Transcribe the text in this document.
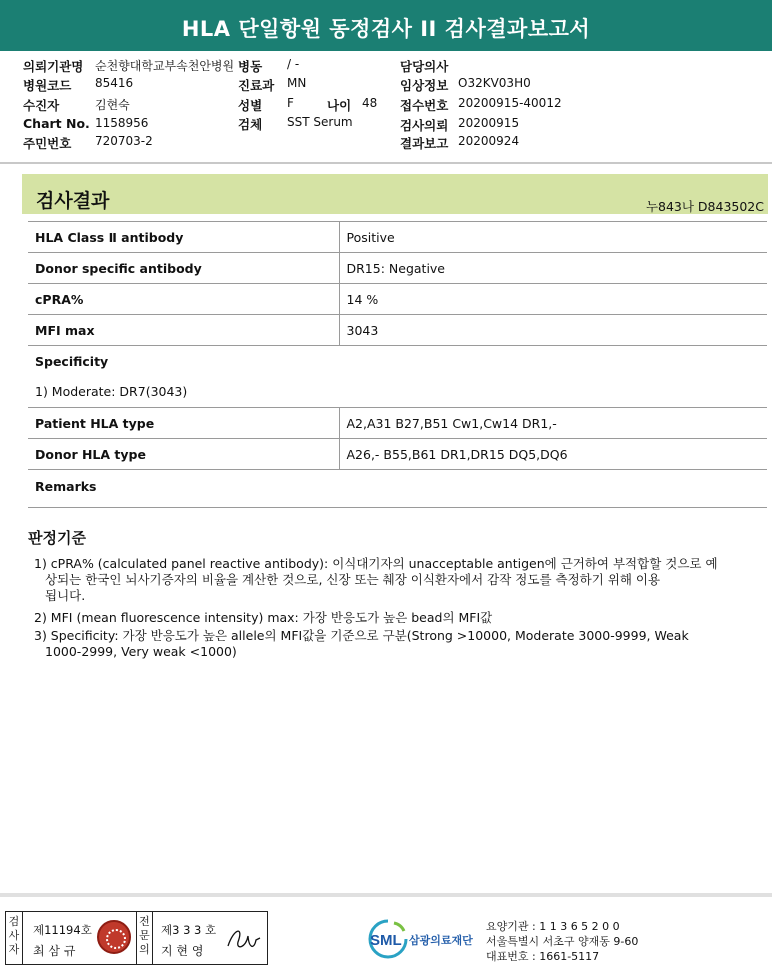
HLA 단일항원 동정검사 II 검사결과보고서
의뢰기관명 순천향대학교부속천안병원 병동 / -	담당의사
병원코드 85416	진료과 MN	임상정보 O32KV03H0
수진자	김현숙	성별 F	나이 48 접수번호 20200915-40012
Chart No. 1158956	검체 SST Serum	검사의뢰 20200915
주민번호 720703-2	결과보고 20200924
검사결과	누843나 D843502C
HLA Class Ⅱ antibody	Positive
Donor specific antibody	DR15: Negative
cPRA%	14 %
MFI max	3043
Specificity	
1) Moderate: DR7(3043)	
Patient HLA type	A2,A31 B27,B51 Cw1,Cw14 DR1,-
Donor HLA type	A26,- B55,B61 DR1,DR15 DQ5,DQ6
Remarks	
판정기준
1) cPRA% (calculated panel reactive antibody): 이식대기자의 unacceptable antigen에 근거하여 부적합할 것으로 예
상되는 한국인 뇌사기증자의 비율을 계산한 것으로, 신장 또는 췌장 이식환자에서 감작 정도를 측정하기 위해 이용
됩니다.
2) MFI (mean fluorescence intensity) max: 가장 반응도가 높은 bead의 MFI값
3) Specificity: 가장 반응도가 높은 allele의 MFI값을 기준으로 구분(Strong >10000, Moderate 3000-9999, Weak
1000-2999, Very weak <1000)
검사자
제11194호
최 삼 규
전문의
제3 3 3 호
지 현 영
SML 삼광의료재단
요양기관 : 1 1 3 6 5 2 0 0
서울특별시 서초구 양재동 9-60
대표번호 : 1661-5117
